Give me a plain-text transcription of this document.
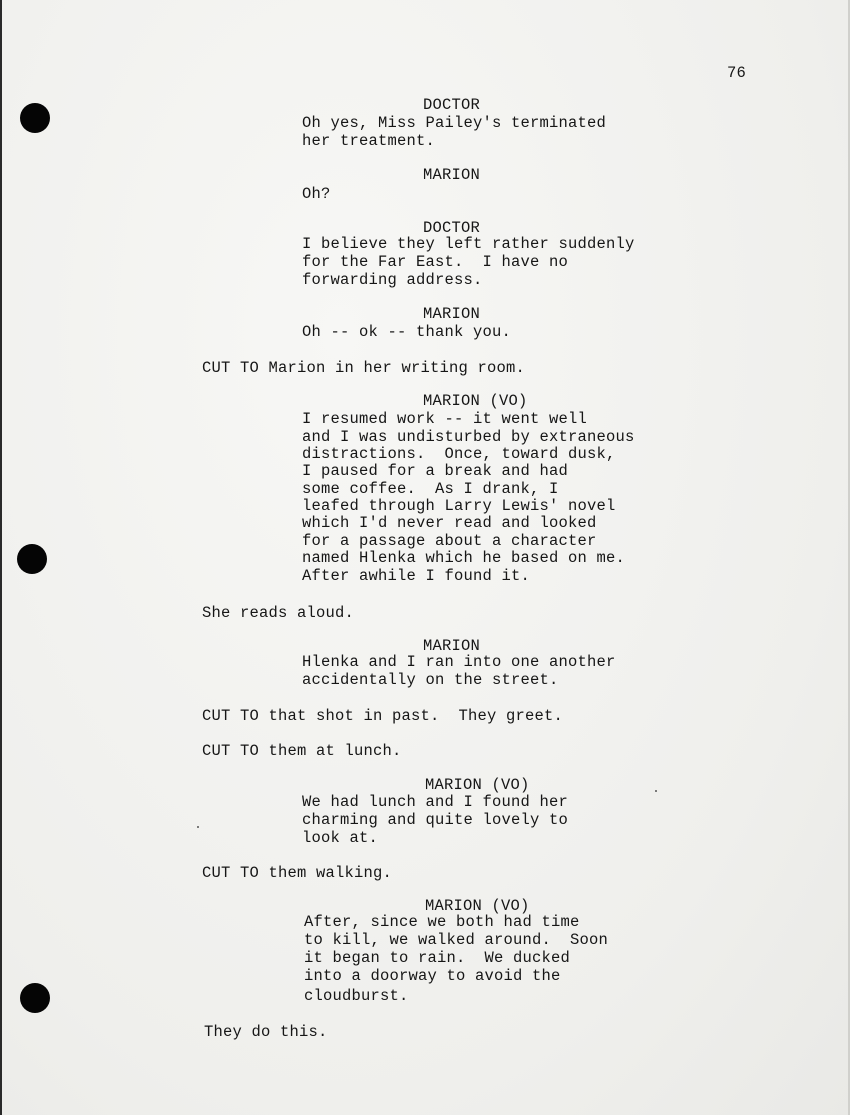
76
DOCTOR
Oh yes, Miss Pailey's terminated
her treatment.
MARION
Oh?
DOCTOR
I believe they left rather suddenly
for the Far East.  I have no
forwarding address.
MARION
Oh -- ok -- thank you.
CUT TO Marion in her writing room.
MARION (VO)
I resumed work -- it went well
and I was undisturbed by extraneous
distractions.  Once, toward dusk,
I paused for a break and had
some coffee.  As I drank, I
leafed through Larry Lewis' novel
which I'd never read and looked
for a passage about a character
named Hlenka which he based on me.
After awhile I found it.
She reads aloud.
MARION
Hlenka and I ran into one another
accidentally on the street.
CUT TO that shot in past.  They greet.
CUT TO them at lunch.
MARION (VO)
We had lunch and I found her
charming and quite lovely to
look at.
CUT TO them walking.
MARION (VO)
After, since we both had time
to kill, we walked around.  Soon
it began to rain.  We ducked
into a doorway to avoid the
cloudburst.
They do this.
